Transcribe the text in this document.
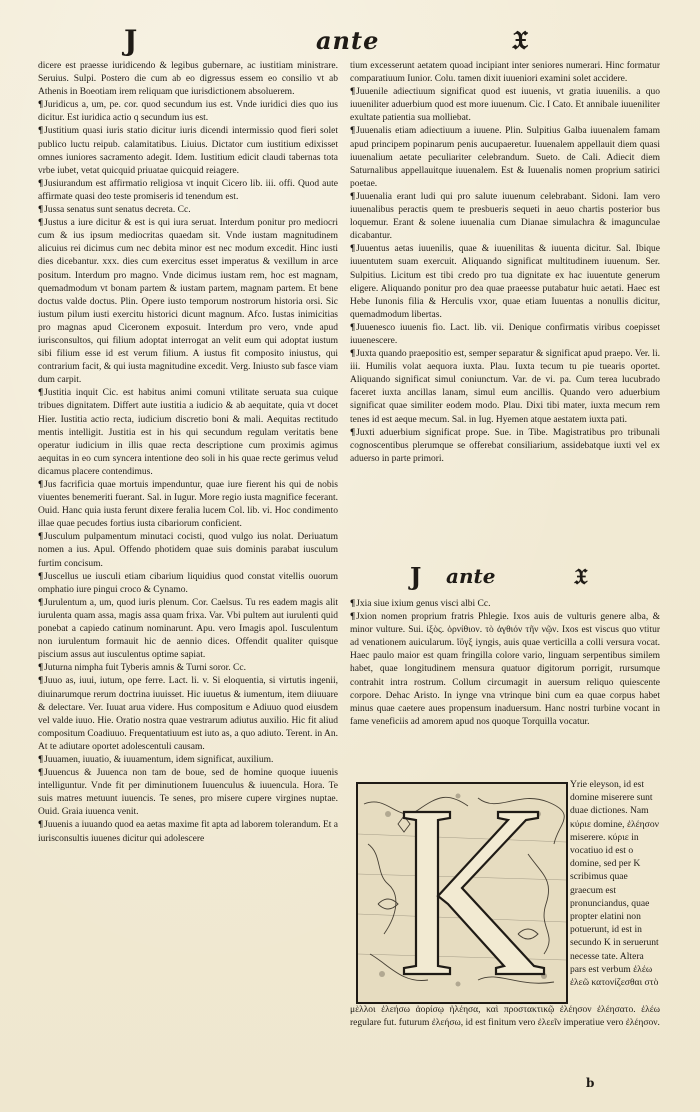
J	ante	𝔛

dicere est praesse iuridicendo & legibus gubernare, ac iustitiam ministrare. Seruius. Sulpi. Postero die cum ab eo digressus essem eo consilio vt ab Athenis in Boeotiam irem reliquam que iurisdictionem absoluerem.

¶ Juridicus a, um, pe. cor. quod secundum ius est. Vnde iuridici dies quo ius dicitur. Est iuridica actio q secundum ius est.

¶ Justitium quasi iuris statio dicitur iuris dicendi intermissio quod fieri solet publico luctu reipub. calamitatibus. Liuius. Dictator cum iustitium edixisset omnes iuniores sacramento adegit. Idem. Iustitium edicit claudi tabernas tota vrbe iubet, vetat quicquid priuatae quicquid reiagere.

¶ Jusiurandum est affirmatio religiosa vt inquit Cicero lib. iii. offi. Quod aute affirmate quasi deo teste promiseris id tenendum est.

¶ Jussa senatus sunt senatus decreta. Cc.

¶ Justus a iure dicitur & est is qui iura seruat. Interdum ponitur pro mediocri cum & ius ipsum mediocritas quaedam sit. Vnde iustam magnitudinem alicuius rei dicimus cum nec debita minor est nec modum excedit. Hinc iusti dies dicebantur. xxx. dies cum exercitus esset imperatus & vexillum in arce positum. Interdum pro magno. Vnde dicimus iustam rem, hoc est magnam, quemadmodum vt bonam partem & iustam partem, magnam partem. Et bene doctus valde doctus. Plin. Opere iusto temporum nostrorum historia orsi. Sic iustum pilum iusti exercitu historici dicunt magnum. Afco. Iustas inimicitias pro magnas apud Ciceronem exposuit. Interdum pro vero, vnde apud iurisconsultos, qui filium adoptat interrogat an velit eum qui adoptat iustum sibi filium esse id est verum filium. A iustus fit composito iniustus, qui contrarium facit, & qui iusta magnitudine excedit. Verg. Iniusto sub fasce viam dum carpit.

¶ Justitia inquit Cic. est habitus animi comuni vtilitate seruata sua cuique tribues dignitatem. Differt aute iustitia a iudicio & ab aequitate, quia vt docet Hier. Iustitia actio recta, iudicium discretio boni & mali. Aequitas rectitudo mentis intelligit. Justitia est in his qui secundum regulam veritatis bene operatur iudicium in illis quae recta descriptione cum proximis agimus aequitas in eo cum syncera intentione deo soli in his quae recte gerimus velud dicamus placere contendimus.

¶ Jus facrificia quae mortuis impenduntur, quae iure fierent his qui de nobis viuentes benemeriti fuerant. Sal. in Iugur. More regio iusta magnifice fecerant. Ouid. Hanc quia iusta ferunt dixere feralia lucem Col. lib. vi. Hoc condimento illae quae pecudes fortius iusta cibariorum conficient.

¶ Jusculum pulpamentum minutaci cocisti, quod vulgo ius nolat. Deriuatum nomen a ius. Apul. Offendo photidem quae suis dominis parabat iusculum furtim concisum.

¶ Juscellus ue iusculi etiam cibarium liquidius quod constat vitellis ouorum omphatio iure pingui croco & Cynamo.

¶ Jurulentum a, um, quod iuris plenum. Cor. Caelsus. Tu res eadem magis alit iurulenta quam assa, magis assa quam frixa. Var. Vbi pultem aut iurulenti quid ponebat a capiedo catinum nominarunt. Apu. vero Imagis apol. Iusculentum non iurulentum formauit hic de aennio dices. Offendit qualiter quisque piscium assus aut iusculentus optime sapiat.

¶ Juturna nimpha fuit Tyberis amnis & Turni soror. Cc.

¶ Juuo as, iuui, iutum, ope ferre. Lact. li. v. Si eloquentia, si virtutis ingenii, diuinarumque rerum doctrina iuuisset. Hic iuuetus & iumentum, item diiuuare & delectare. Ver. Iuuat arua videre. Hus compositum e Adiuuo quod eiusdem vel valde iuuo. Hie. Oratio nostra quae vestrarum adiutus auxilio. Hic fit aliud compositum Coadiuuo. Frequentatiuum est iuto as, a quo adiuto. Terent. in An. At te adiutare oportet adolescentuli causam.

¶ Juuamen, iuuatio, & iuuamentum, idem significat, auxilium.

¶ Juuencus & Juuenca non tam de boue, sed de homine quoque iuuenis intelliguntur. Vnde fit per diminutionem Iuuenculus & iuuencula. Hora. Te suis matres metuunt iuuencis. Te senes, pro misere cupere virgines nuptae. Ouid. Graia iuuenca venit.

¶ Juuenis a iuuando quod ea aetas maxime fit apta ad laborem tolerandum. Et a iurisconsultis iuuenes dicitur qui adolescere

tium excesserunt aetatem quoad incipiant inter seniores numerari. Hinc formatur comparatiuum Iunior. Colu. tamen dixit iuueniori examini solet accidere.

¶ Juuenile adiectiuum significat quod est iuuenis, vt gratia iuuenilis. a quo iuueniliter aduerbium quod est more iuuenum. Cic. I Cato. Et annibale iuueniliter exultate patientia sua molliebat.

¶ Juuenalis etiam adiectiuum a iuuene. Plin. Sulpitius Galba iuuenalem famam apud principem popinarum penis aucupaeretur. Iuuenalem appellauit diem quasi iuuenalium aetate peculiariter celebrandum. Sueto. de Cali. Adiecit diem Saturnalibus appellauitque iuuenalem. Est & Iuuenalis nomen proprium satirici poetae.

¶ Juuenalia erant ludi qui pro salute iuuenum celebrabant. Sidoni. Iam vero iuuenalibus peractis quem te presbueris sequeti in aeuo chartis posterior bus loquemur. Erant & solene iuuenalia cum Dianae simulachra & imagunculae dicabantur.

¶ Juuentus aetas iuuenilis, quae & iuuenilitas & iuuenta dicitur. Sal. Ibique iuuentutem suam exercuit. Aliquando significat multitudinem iuuenum. Ser. Sulpitius. Licitum est tibi credo pro tua dignitate ex hac iuuentute generum eligere. Aliquando ponitur pro dea quae praeesse putabatur huic aetati. Haec est Hebe Iunonis filia & Herculis vxor, quae etiam Iuuentas a nonullis dicitur, quemadmodum libertas.

¶ Juuenesco iuuenis fio. Lact. lib. vii. Denique confirmatis viribus coepisset iuuenescere.

¶ Juxta quando praepositio est, semper separatur & significat apud praepo. Ver. li. iii. Humilis volat aequora iuxta. Plau. Iuxta tecum tu pie tuearis oportet. Aliquando significat simul coniunctum. Var. de vi. pa. Cum terea lucubrado faceret iuxta ancillas lanam, simul eum ancillis. Quando vero aduerbium significat quae similiter eodem modo. Plau. Dixi tibi mater, iuxta mecum rem tenes id est aeque mecum. Sal. in Iug. Hyemen atque aestatem iuxta pati.

¶ Juxti aduerbium significat prope. Sue. in Tibe. Magistratibus pro tribunali cognoscentibus plerumque se offerebat consiliarium, assidebatque iuxti vel ex aduerso in parte primori.

J ante	𝔛

¶ Jxia siue ixium genus visci albi Cc.

¶ Jxion nomen proprium fratris Phlegie. Ixos auis de vulturis genere alba, & minor vulture. Sui. ἰξὸς. ὀρνίθιον. τὸ ἀγθιόν τῆν νῷν. Ixos est viscus quo vtitur ad venationem auicularum. ἴϋγξ iyngis, auis quae verticilla a colli versura vocat. Haec paulo maior est quam fringilla colore vario, linguam serpentibus similem habet, quae longitudinem mensura quatuor digitorum porrigit, rursumque contrahit intra rostrum. Collum circumagit in auersum reliquo quiescente corpore. Dehac Aristo. In iynge vna vtrinque bini cum ea quae corpus habet minus quae caetere aues propensum inaduersum. Hanc nostri turbine vocant in fame veneficiis ad amorem apud nos quoque Torquilla vocatur.

Yrie eleyson, id est domine miserere sunt duae dictiones. Nam κύριε domine, ἐλέησον miserere. κύριε in vocatiuo id est o domine, sed per K scribimus quae graecum est pronunciandus, quae propter elatini non potuerunt, id est in secundo K in seruerunt necesse tate. Altera pars est verbum ἐλέω ἐλεῶ κατονίζεσθαι στὸ

μὲλλοι ἐλεήσω ἀορίσῳ ἠλέησα, καὶ προστακτικῷ ἐλέησον ἐλέησατο. ἐλέω regulare fut. futurum ἐλεήσω, id est finitum vero ἐλεεῖν imperatiue vero ἐλέησον.

b
